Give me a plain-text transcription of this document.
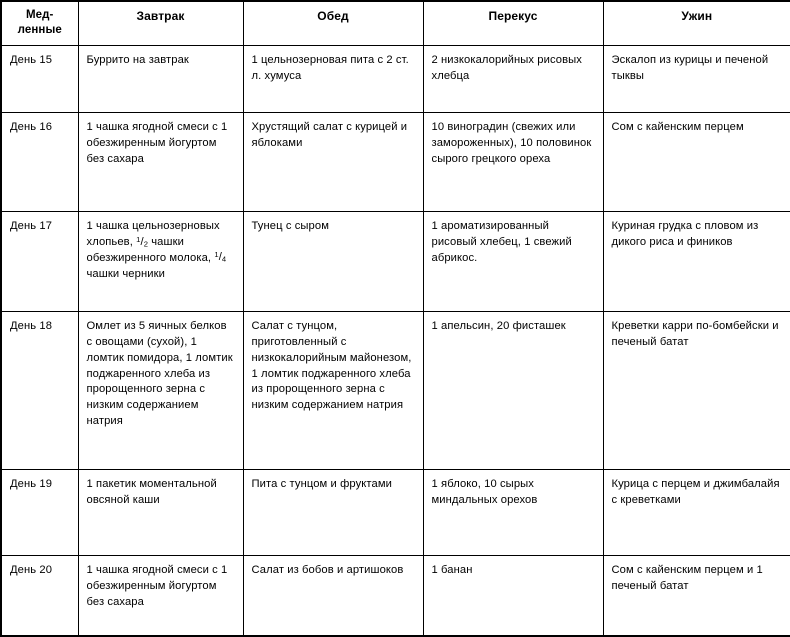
Мед-
ленные	Завтрак	Обед	Перекус	Ужин
День 15	Буррито на завтрак	1 цельнозерновая пита с 2 ст. л. хумуса	2 низкокалорийных рисовых хлебца	Эскалоп из курицы и печеной тыквы
День 16	1 чашка ягодной смеси с 1 обезжиренным йогуртом без сахара	Хрустящий салат с курицей и яблоками	10 виноградин (свежих или замороженных), 10 половинок сырого грецкого ореха	Сом с кайенским перцем
День 17	1 чашка цельнозерновых хлопьев, $^1$/2 чашки обезжиренного молока, $^1$/4 чашки черники	Тунец с сыром	1 ароматизированный рисовый хлебец, 1 свежий абрикос.	Куриная грудка с пловом из дикого риса и фиников
День 18	Омлет из 5 яичных белков с овощами (сухой), 1 ломтик помидора, 1 ломтик поджаренного хлеба из пророщенного зерна с низким содержанием натрия	Салат с тунцом, приготовленный с низкокалорийным майонезом, 1 ломтик поджаренного хлеба из пророщенного зерна с низким содержанием натрия	1 апельсин, 20 фисташек	Креветки карри по-бомбейски и печеный батат
День 19	1 пакетик моментальной овсяной каши	Пита с тунцом и фруктами	1 яблоко, 10 сырых миндальных орехов	Курица с перцем и джимбалайя с креветками
День 20	1 чашка ягодной смеси с 1 обезжиренным йогуртом без сахара	Салат из бобов и артишоков	1 банан	Сом с кайенским перцем и 1 печеный батат
